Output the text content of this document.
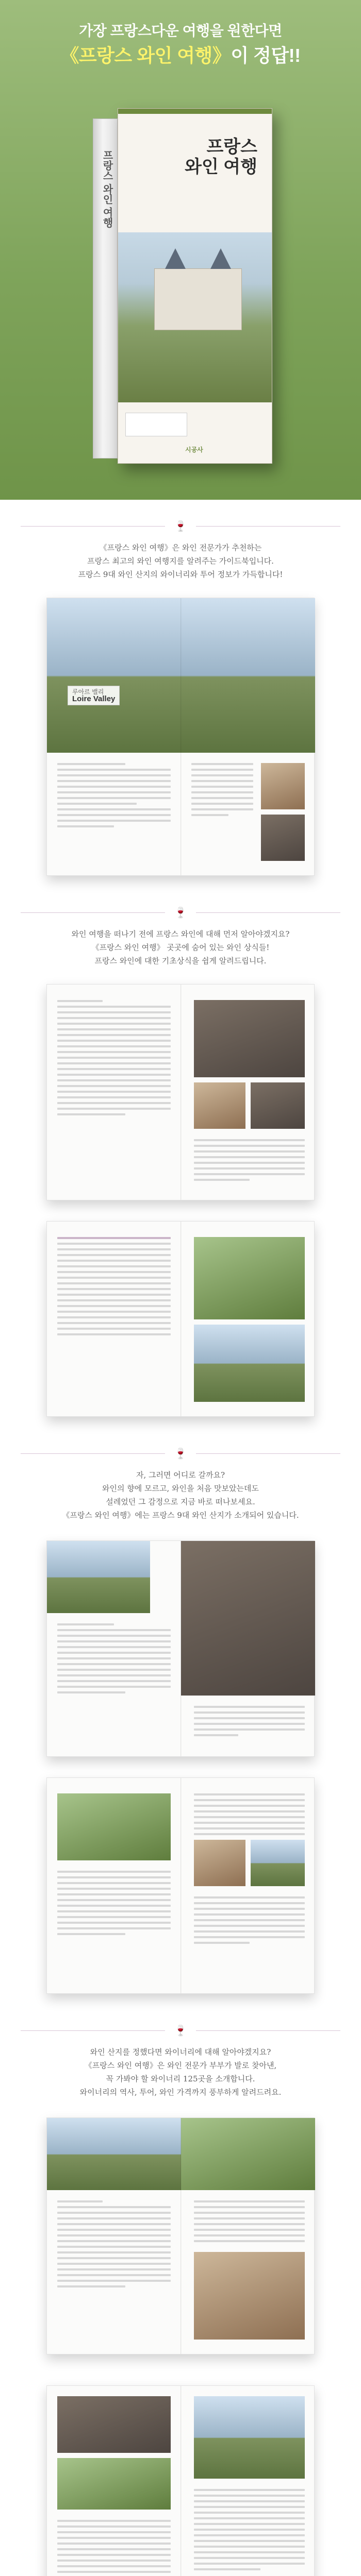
가장 프랑스다운 여행을 원한다면
《프랑스 와인 여행》이 정답!!
프랑스 와인 여행
프랑스
와인 여행
시공사
🍷
《프랑스 와인 여행》은 와인 전문가가 추천하는
프랑스 최고의 와인 여행지를 알려주는 가이드북입니다.
프랑스 9대 와인 산지의 와이너리와 투어 정보가 가득합니다!
루아르 밸리
Loire Valley
🍷
와인 여행을 떠나기 전에 프랑스 와인에 대해 먼저 알아야겠지요?
《프랑스 와인 여행》 곳곳에 숨어 있는 와인 상식들!
프랑스 와인에 대한 기초상식을 쉽게 알려드립니다.
🍷
자, 그러면 어디로 갈까요?
와인의 향에 모르고, 와인을 처음 맛보았는데도
설레었던 그 감정으로 지금 바로 떠나보세요.
《프랑스 와인 여행》에는 프랑스 9대 와인 산지가 소개되어 있습니다.
🍷
와인 산지를 정했다면 와이너리에 대해 알아야겠지요?
《프랑스 와인 여행》은 와인 전문가 부부가 발로 찾아낸,
꼭 가봐야 할 와이너리 125곳을 소개합니다.
와이너리의 역사, 투어, 와인 가격까지 풍부하게 알려드려요.
